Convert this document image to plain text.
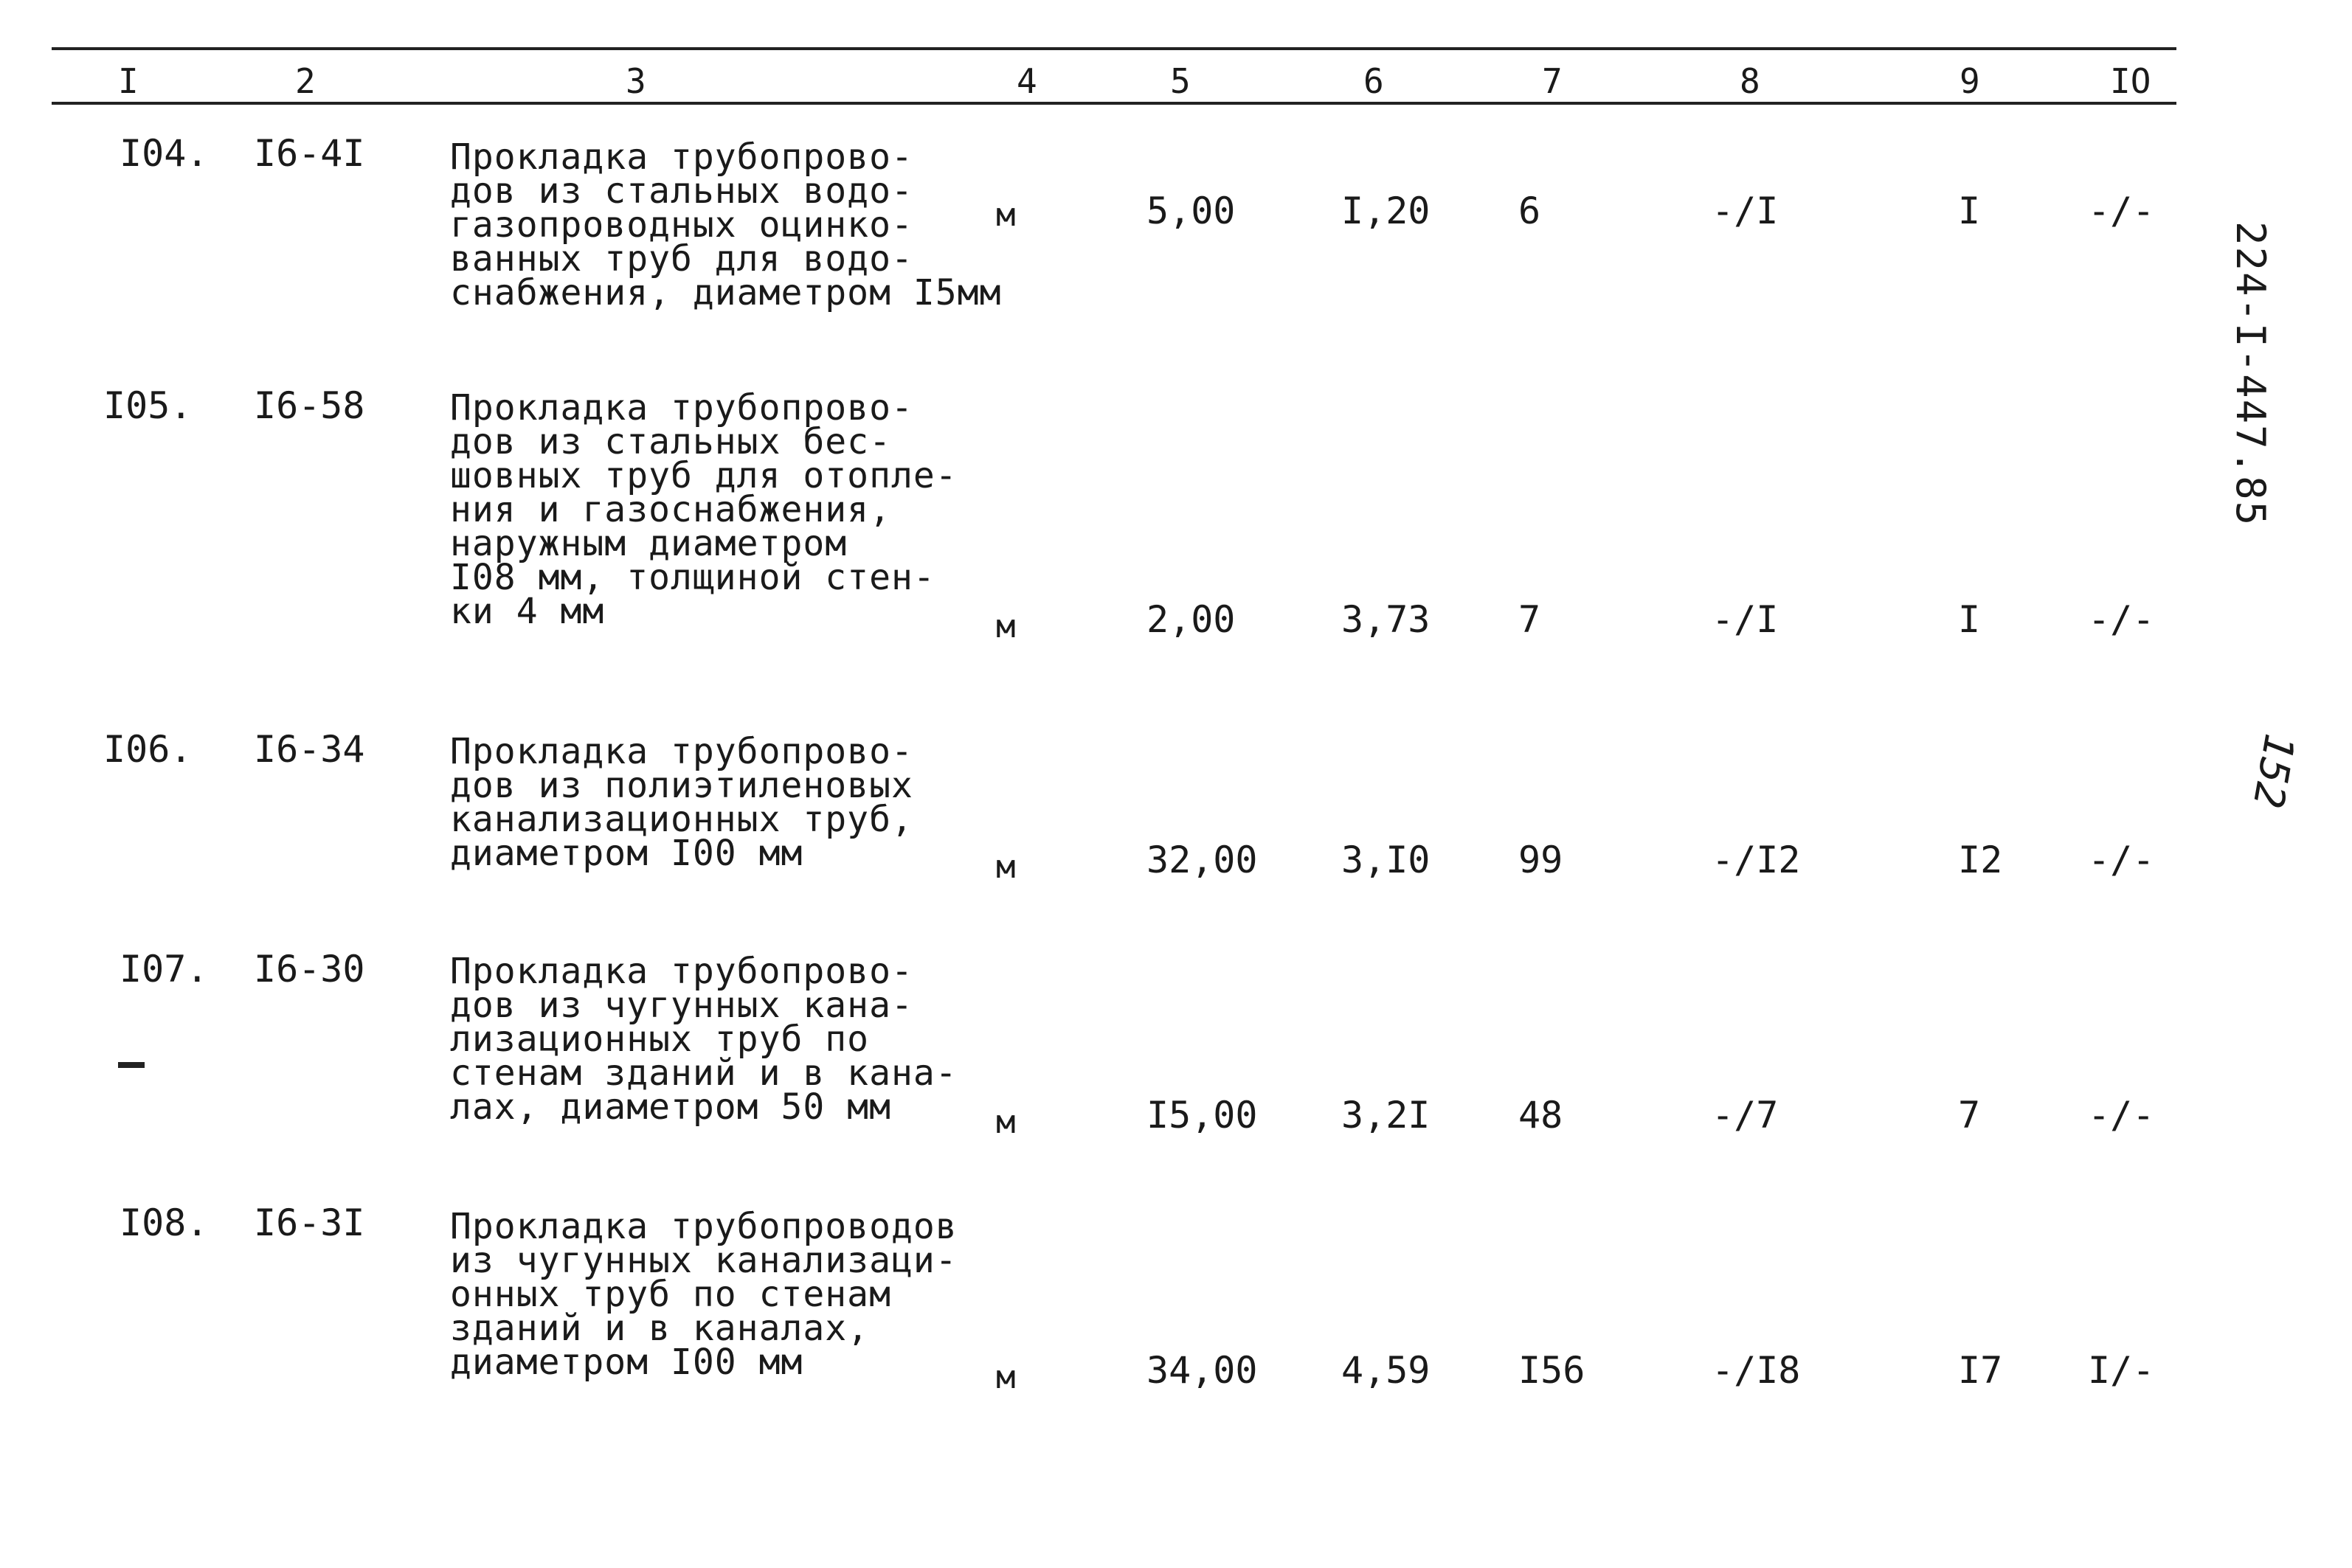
I	2	3	4	5	6	7	8	9	IO
I04. I6-4I Прокладка трубопрово-
дов из стальных водо-
газопроводных оцинко-
ванных труб для водо-
снабжения, диаметром I5мм
м	5,00	I,20 6	-/I	I	-/-
I05. I6-58 Прокладка трубопрово-
дов из стальных бес-
шовных труб для отопле-
ния и газоснабжения,
наружным диаметром
I08 мм, толщиной стен-
ки 4 мм	м	2,00	3,73 7	-/I	I	-/-
I06. I6-34 Прокладка трубопрово-
дов из полиэтиленовых
канализационных труб,
диаметром I00 мм	м	32,00 3,I0 99	-/I2	I2 -/-
I07. I6-30 Прокладка трубопрово-
дов из чугунных кана-
лизационных труб по
стенам зданий и в кана-
лах, диаметром 50 мм	м	I5,00 3,2I 48	-/7	7	-/-
I08. I6-3I Прокладка трубопроводов
из чугунных канализаци-
онных труб по стенам
зданий и в каналах,
диаметром I00 мм	м	34,00 4,59 I56	-/I8	I7 I/-
224-I-447.85
152
